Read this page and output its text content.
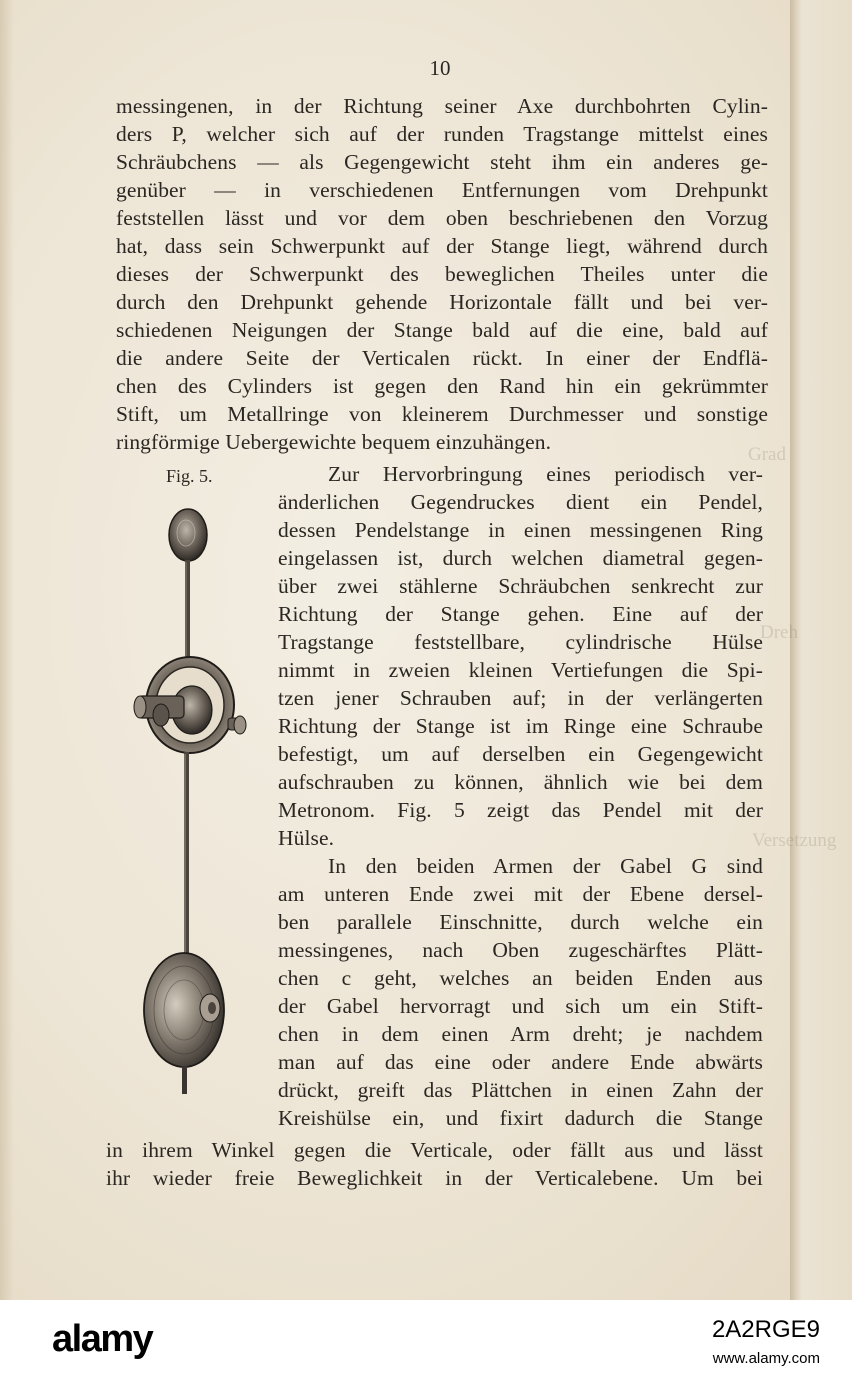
Grad
Dreh
Versetzung
10
messingenen, in der Richtung seiner Axe durchbohrten Cylin-
ders P, welcher sich auf der runden Tragstange mittelst eines
Schräubchens — als Gegengewicht steht ihm ein anderes ge-
genüber — in verschiedenen Entfernungen vom Drehpunkt
feststellen lässt und vor dem oben beschriebenen den Vorzug
hat, dass sein Schwerpunkt auf der Stange liegt, während durch
dieses der Schwerpunkt des beweglichen Theiles unter die
durch den Drehpunkt gehende Horizontale fällt und bei ver-
schiedenen Neigungen der Stange bald auf die eine, bald auf
die andere Seite der Verticalen rückt. In einer der Endflä-
chen des Cylinders ist gegen den Rand hin ein gekrümmter
Stift, um Metallringe von kleinerem Durchmesser und sonstige
ringförmige Uebergewichte bequem einzuhängen.
Fig. 5.	Zur Hervorbringung eines periodisch ver-
änderlichen Gegendruckes dient ein Pendel,
dessen Pendelstange in einen messingenen Ring
eingelassen ist, durch welchen diametral gegen-
über zwei stählerne Schräubchen senkrecht zur
Richtung der Stange gehen. Eine auf der
Tragstange feststellbare, cylindrische Hülse
nimmt in zweien kleinen Vertiefungen die Spi-
tzen jener Schrauben auf; in der verlängerten
Richtung der Stange ist im Ringe eine Schraube
befestigt, um auf derselben ein Gegengewicht
aufschrauben zu können, ähnlich wie bei dem
Metronom. Fig. 5 zeigt das Pendel mit der
Hülse.
In den beiden Armen der Gabel G sind
am unteren Ende zwei mit der Ebene dersel-
ben parallele Einschnitte, durch welche ein
messingenes, nach Oben zugeschärftes Plätt-
chen c geht, welches an beiden Enden aus
der Gabel hervorragt und sich um ein Stift-
chen in dem einen Arm dreht; je nachdem
man auf das eine oder andere Ende abwärts
drückt, greift das Plättchen in einen Zahn der
Kreishülse ein, und fixirt dadurch die Stange
in ihrem Winkel gegen die Verticale, oder fällt aus und lässt
ihr wieder freie Beweglichkeit in der Verticalebene. Um bei
alamy	2A2RGE9
www.alamy.com
